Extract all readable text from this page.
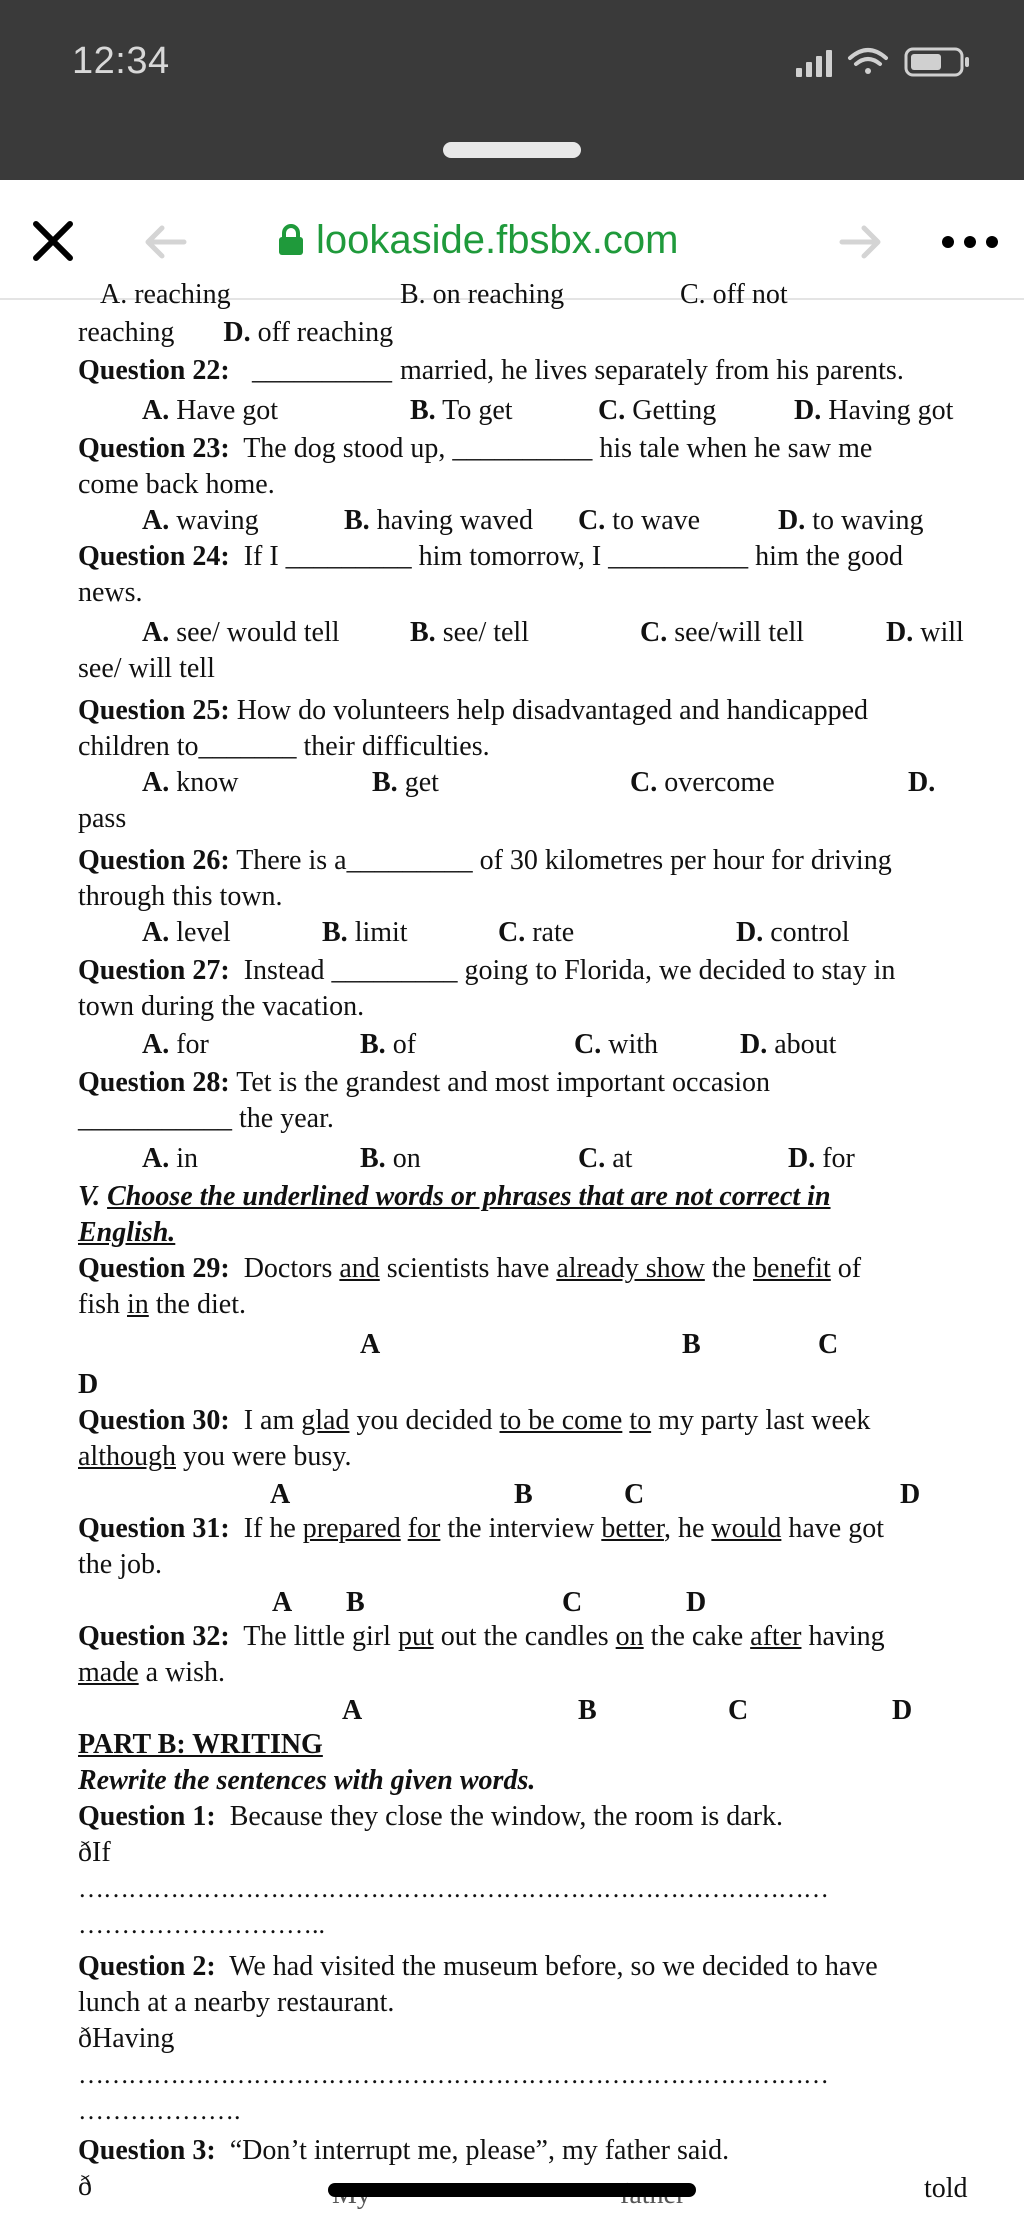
12:34
lookaside.fbsbx.com
A. reaching	B. on reaching	C. off not
reaching D. off reaching
Question 22: __________ married, he lives separately from his parents.
A. Have got	B. To get	C. Getting	D. Having got
Question 23: The dog stood up, __________ his tale when he saw me
come back home.
A. waving	B. having waved C. to wave	D. to waving
Question 24: If I _________ him tomorrow, I __________ him the good
news.
A. see/ would tell	B. see/ tell	C. see/will tell	D. will
see/ will tell
Question 25: How do volunteers help disadvantaged and handicapped
children to_______ their difficulties.
A. know	B. get	C. overcome	D.
pass
Question 26: There is a_________ of 30 kilometres per hour for driving
through this town.
A. level	B. limit	C. rate	D. control
Question 27: Instead _________ going to Florida, we decided to stay in
town during the vacation.
A. for	B. of	C. with	D. about
Question 28: Tet is the grandest and most important occasion
___________ the year.
A. in	B. on	C. at	D. for
V. Choose the underlined words or phrases that are not correct in
English.
Question 29: Doctors and scientists have already show the benefit of
fish in the diet.
A	B	C
D
Question 30: I am glad you decided to be come to my party last week
although you were busy.
A	B	C	D
Question 31: If he prepared for the interview better, he would have got
the job.
A B	C	D
Question 32: The little girl put out the candles on the cake after having
made a wish.
A	B	C	D
PART B: WRITING
Rewrite the sentences with given words.
Question 1: Because they close the window, the room is dark.
ðIf
………………………………………………………………………………
………………………..
Question 2: We had visited the museum before, so we decided to have
lunch at a nearby restaurant.
ðHaving
………………………………………………………………………………
……………….
Question 3: “Don’t interrupt me, please”, my father said.
ð	told
